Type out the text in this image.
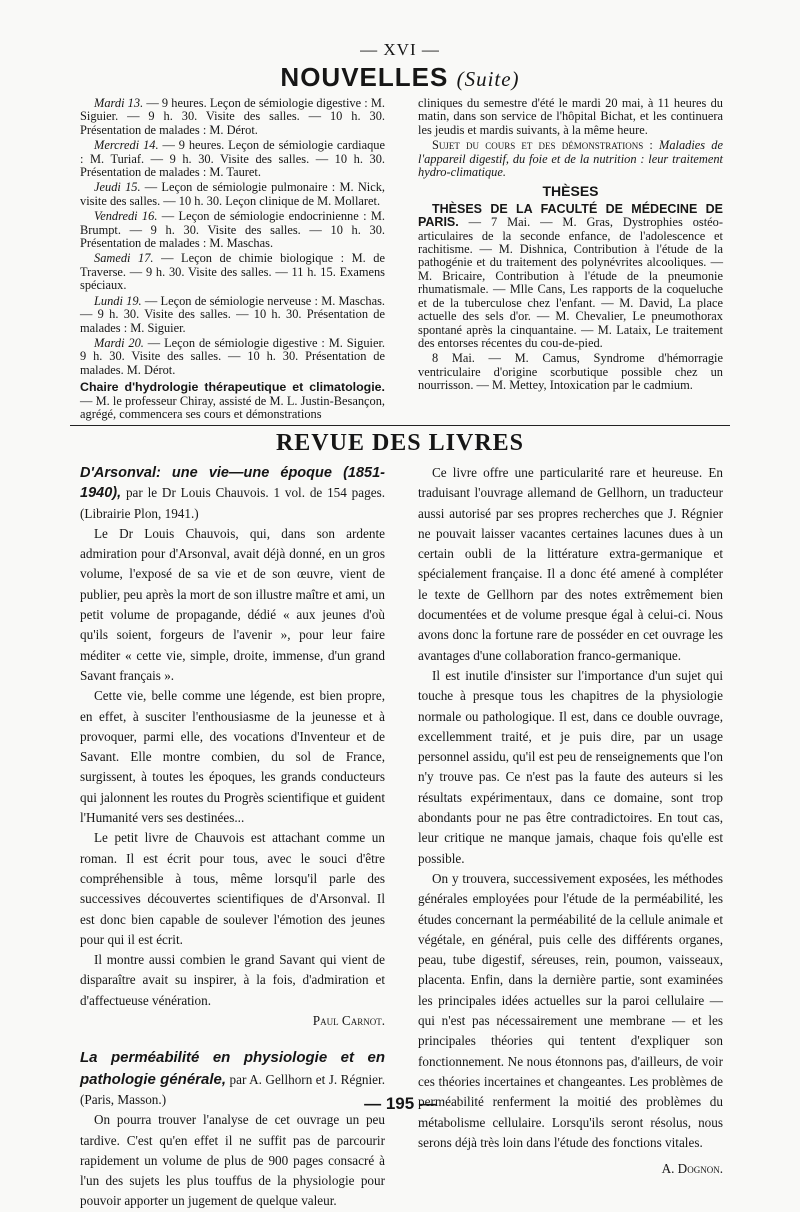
— XVI —
NOUVELLES (Suite)

Mardi 13. — 9 heures. Leçon de sémiologie digestive : M. Siguier. — 9 h. 30. Visite des salles. — 10 h. 30. Présentation de malades : M. Dérot.

Mercredi 14. — 9 heures. Leçon de sémiologie cardiaque : M. Turiaf. — 9 h. 30. Visite des salles. — 10 h. 30. Présentation de malades : M. Tauret.

Jeudi 15. — Leçon de sémiologie pulmonaire : M. Nick, visite des salles. — 10 h. 30. Leçon clinique de M. Mollaret.

Vendredi 16. — Leçon de sémiologie endocrinienne : M. Brumpt. — 9 h. 30. Visite des salles. — 10 h. 30. Présentation de malades : M. Maschas.

Samedi 17. — Leçon de chimie biologique : M. de Traverse. — 9 h. 30. Visite des salles. — 11 h. 15. Examens spéciaux.

Lundi 19. — Leçon de sémiologie nerveuse : M. Maschas. — 9 h. 30. Visite des salles. — 10 h. 30. Présentation de malades : M. Siguier.

Mardi 20. — Leçon de sémiologie digestive : M. Siguier. 9 h. 30. Visite des salles. — 10 h. 30. Présentation de malades. M. Dérot.

Chaire d'hydrologie thérapeutique et climatologie. — M. le professeur Chiray, assisté de M. L. Justin-Besançon, agrégé, commencera ses cours et démonstrations

cliniques du semestre d'été le mardi 20 mai, à 11 heures du matin, dans son service de l'hôpital Bichat, et les continuera les jeudis et mardis suivants, à la même heure.

Sujet du cours et des démonstrations : Maladies de l'appareil digestif, du foie et de la nutrition : leur traitement hydro-climatique.

THÈSES

THÈSES DE LA FACULTÉ DE MÉDECINE DE PARIS. — 7 Mai. — M. Gras, Dystrophies ostéo-articulaires de la seconde enfance, de l'adolescence et rachitisme. — M. Dishnica, Contribution à l'étude de la pathogénie et du traitement des polynévrites alcooliques. — M. Bricaire, Contribution à l'étude de la pneumonie rhumatismale. — Mlle Cans, Les rapports de la coqueluche et de la tuberculose chez l'enfant. — M. David, La place actuelle des sels d'or. — M. Chevalier, Le pneumothorax spontané après la cinquantaine. — M. Lataix, Le traitement des entorses récentes du cou-de-pied.

8 Mai. — M. Camus, Syndrome d'hémorragie ventriculaire d'origine scorbutique possible chez un nourrisson. — M. Mettey, Intoxication par le cadmium.

REVUE DES LIVRES

D'Arsonval: une vie—une époque (1851-1940), par le Dr Louis Chauvois. 1 vol. de 154 pages. (Librairie Plon, 1941.)

Le Dr Louis Chauvois, qui, dans son ardente admiration pour d'Arsonval, avait déjà donné, en un gros volume, l'exposé de sa vie et de son œuvre, vient de publier, peu après la mort de son illustre maître et ami, un petit volume de propagande, dédié « aux jeunes d'où qu'ils soient, forgeurs de l'avenir », pour leur faire méditer « cette vie, simple, droite, immense, d'un grand Savant français ».

Cette vie, belle comme une légende, est bien propre, en effet, à susciter l'enthousiasme de la jeunesse et à provoquer, parmi elle, des vocations d'Inventeur et de Savant. Elle montre combien, du sol de France, surgissent, à toutes les époques, les grands conducteurs qui jalonnent les routes du Progrès scientifique et guident l'Humanité vers ses destinées...

Le petit livre de Chauvois est attachant comme un roman. Il est écrit pour tous, avec le souci d'être compréhensible à tous, même lorsqu'il parle des successives découvertes scientifiques de d'Arsonval. Il est donc bien capable de soulever l'émotion des jeunes pour qui il est écrit.

Il montre aussi combien le grand Savant qui vient de disparaître avait su inspirer, à la fois, d'admiration et d'affectueuse vénération.

Paul Carnot.

La perméabilité en physiologie et en pathologie générale, par A. Gellhorn et J. Régnier. (Paris, Masson.)

On pourra trouver l'analyse de cet ouvrage un peu tardive. C'est qu'en effet il ne suffit pas de parcourir rapidement un volume de plus de 900 pages consacré à l'un des sujets les plus touffus de la physiologie pour pouvoir apporter un jugement de quelque valeur.

Ce livre offre une particularité rare et heureuse. En traduisant l'ouvrage allemand de Gellhorn, un traducteur aussi autorisé par ses propres recherches que J. Régnier ne pouvait laisser vacantes certaines lacunes dues à un certain oubli de la littérature extra-germanique et spécialement française. Il a donc été amené à compléter le texte de Gellhorn par des notes extrêmement bien documentées et de volume presque égal à celui-ci. Nous avons donc la fortune rare de posséder en cet ouvrage les avantages d'une collaboration franco-germanique.

Il est inutile d'insister sur l'importance d'un sujet qui touche à presque tous les chapitres de la physiologie normale ou pathologique. Il est, dans ce double ouvrage, excellemment traité, et je puis dire, par un usage personnel assidu, qu'il est peu de renseignements que l'on n'y trouve pas. Ce n'est pas la faute des auteurs si les résultats expérimentaux, dans ce domaine, sont trop abondants pour ne pas être contradictoires. En tout cas, leur critique ne manque jamais, chaque fois qu'elle est possible.

On y trouvera, successivement exposées, les méthodes générales employées pour l'étude de la perméabilité, les études concernant la perméabilité de la cellule animale et végétale, en général, puis celle des différents organes, peau, tube digestif, séreuses, rein, poumon, vaisseaux, placenta. Enfin, dans la dernière partie, sont examinées les principales idées actuelles sur la paroi cellulaire — qui n'est pas nécessairement une membrane — et les principales théories qui tentent d'expliquer son fonctionnement. Ne nous étonnons pas, d'ailleurs, de voir ces théories incertaines et changeantes. Les problèmes de perméabilité renferment la moitié des problèmes du métabolisme cellulaire. Lorsqu'ils seront résolus, nous serons déjà très loin dans l'étude des fonctions vitales.

A. Dognon.

— 195 —
